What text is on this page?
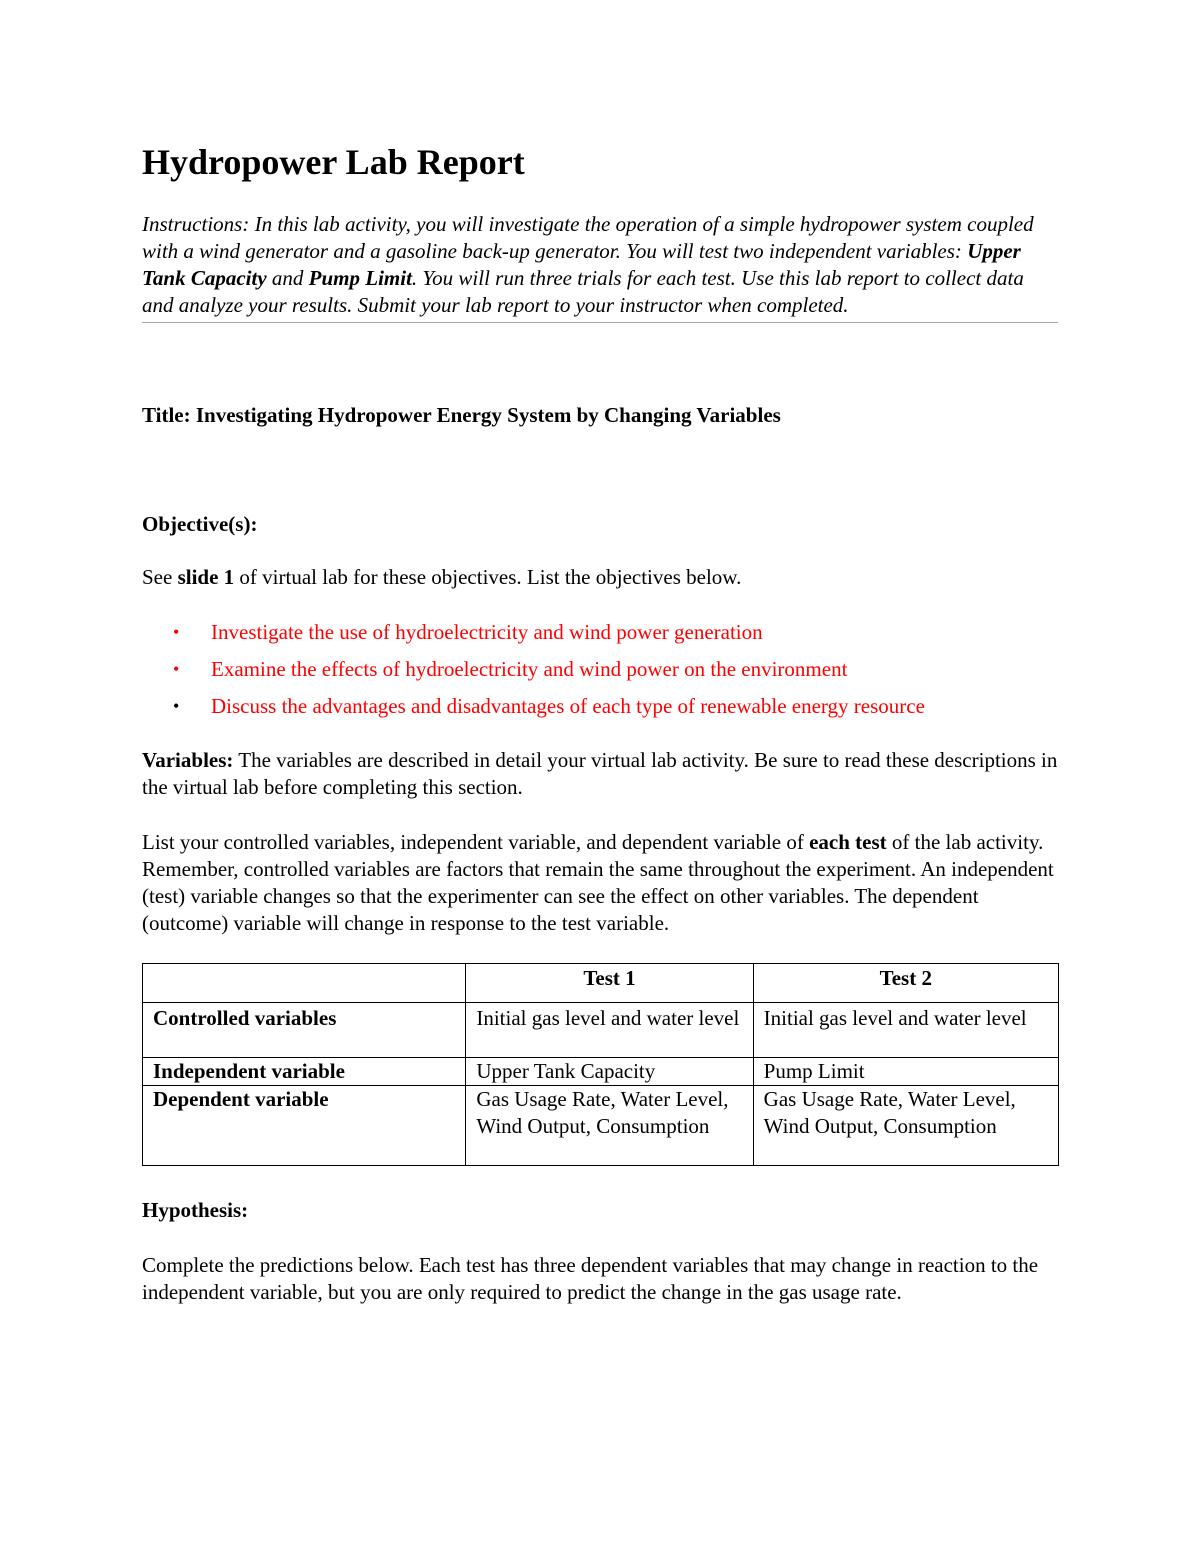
Hydropower Lab Report

Instructions: In this lab activity, you will investigate the operation of a simple hydropower system coupled with a wind generator and a gasoline back-up generator. You will test two independent variables: Upper Tank Capacity and Pump Limit. You will run three trials for each test. Use this lab report to collect data and analyze your results. Submit your lab report to your instructor when completed.

Title: Investigating Hydropower Energy System by Changing Variables

Objective(s):

See slide 1 of virtual lab for these objectives. List the objectives below.

• Investigate the use of hydroelectricity and wind power generation
• Examine the effects of hydroelectricity and wind power on the environment
• Discuss the advantages and disadvantages of each type of renewable energy resource

Variables: The variables are described in detail your virtual lab activity. Be sure to read these descriptions in the virtual lab before completing this section.

List your controlled variables, independent variable, and dependent variable of each test of the lab activity. Remember, controlled variables are factors that remain the same throughout the experiment. An independent (test) variable changes so that the experimenter can see the effect on other variables. The dependent (outcome) variable will change in response to the test variable.

	Test 1	Test 2
Controlled variables	Initial gas level and water level	Initial gas level and water level
Independent variable	Upper Tank Capacity	Pump Limit
Dependent variable	Gas Usage Rate, Water Level, Wind Output, Consumption	Gas Usage Rate, Water Level, Wind Output, Consumption

Hypothesis:

Complete the predictions below. Each test has three dependent variables that may change in reaction to the independent variable, but you are only required to predict the change in the gas usage rate.
